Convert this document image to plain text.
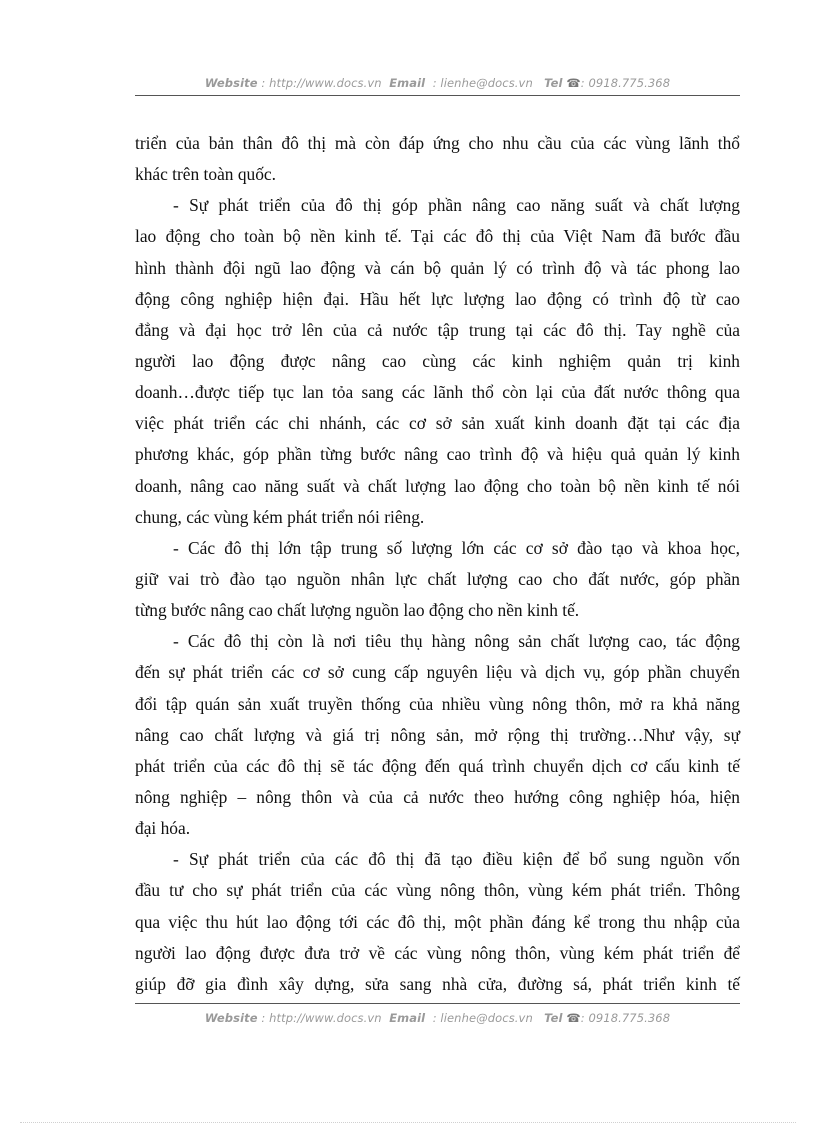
Website : http://www.docs.vn Email : lienhe@docs.vn Tel ☎: 0918.775.368
triển của bản thân đô thị mà còn đáp ứng cho nhu cầu của các vùng lãnh thổ
khác trên toàn quốc.
- Sự phát triển của đô thị góp phần nâng cao năng suất và chất lượng
lao động cho toàn bộ nền kinh tế. Tại các đô thị của Việt Nam đã bước đầu
hình thành đội ngũ lao động và cán bộ quản lý có trình độ và tác phong lao
động công nghiệp hiện đại. Hầu hết lực lượng lao động có trình độ từ cao
đẳng và đại học trở lên của cả nước tập trung tại các đô thị. Tay nghề của
người lao động được nâng cao cùng các kinh nghiệm quản trị kinh
doanh…được tiếp tục lan tỏa sang các lãnh thổ còn lại của đất nước thông qua
việc phát triển các chi nhánh, các cơ sở sản xuất kinh doanh đặt tại các địa
phương khác, góp phần từng bước nâng cao trình độ và hiệu quả quản lý kinh
doanh, nâng cao năng suất và chất lượng lao động cho toàn bộ nền kinh tế nói
chung, các vùng kém phát triển nói riêng.
- Các đô thị lớn tập trung số lượng lớn các cơ sở đào tạo và khoa học,
giữ vai trò đào tạo nguồn nhân lực chất lượng cao cho đất nước, góp phần
từng bước nâng cao chất lượng nguồn lao động cho nền kinh tế.
- Các đô thị còn là nơi tiêu thụ hàng nông sản chất lượng cao, tác động
đến sự phát triển các cơ sở cung cấp nguyên liệu và dịch vụ, góp phần chuyển
đổi tập quán sản xuất truyền thống của nhiều vùng nông thôn, mở ra khả năng
nâng cao chất lượng và giá trị nông sản, mở rộng thị trường…Như vậy, sự
phát triển của các đô thị sẽ tác động đến quá trình chuyển dịch cơ cấu kinh tế
nông nghiệp – nông thôn và của cả nước theo hướng công nghiệp hóa, hiện
đại hóa.
- Sự phát triển của các đô thị đã tạo điều kiện để bổ sung nguồn vốn
đầu tư cho sự phát triển của các vùng nông thôn, vùng kém phát triển. Thông
qua việc thu hút lao động tới các đô thị, một phần đáng kể trong thu nhập của
người lao động được đưa trở về các vùng nông thôn, vùng kém phát triển để
giúp đỡ gia đình xây dựng, sửa sang nhà cửa, đường sá, phát triển kinh tế
Website : http://www.docs.vn Email : lienhe@docs.vn Tel ☎: 0918.775.368
